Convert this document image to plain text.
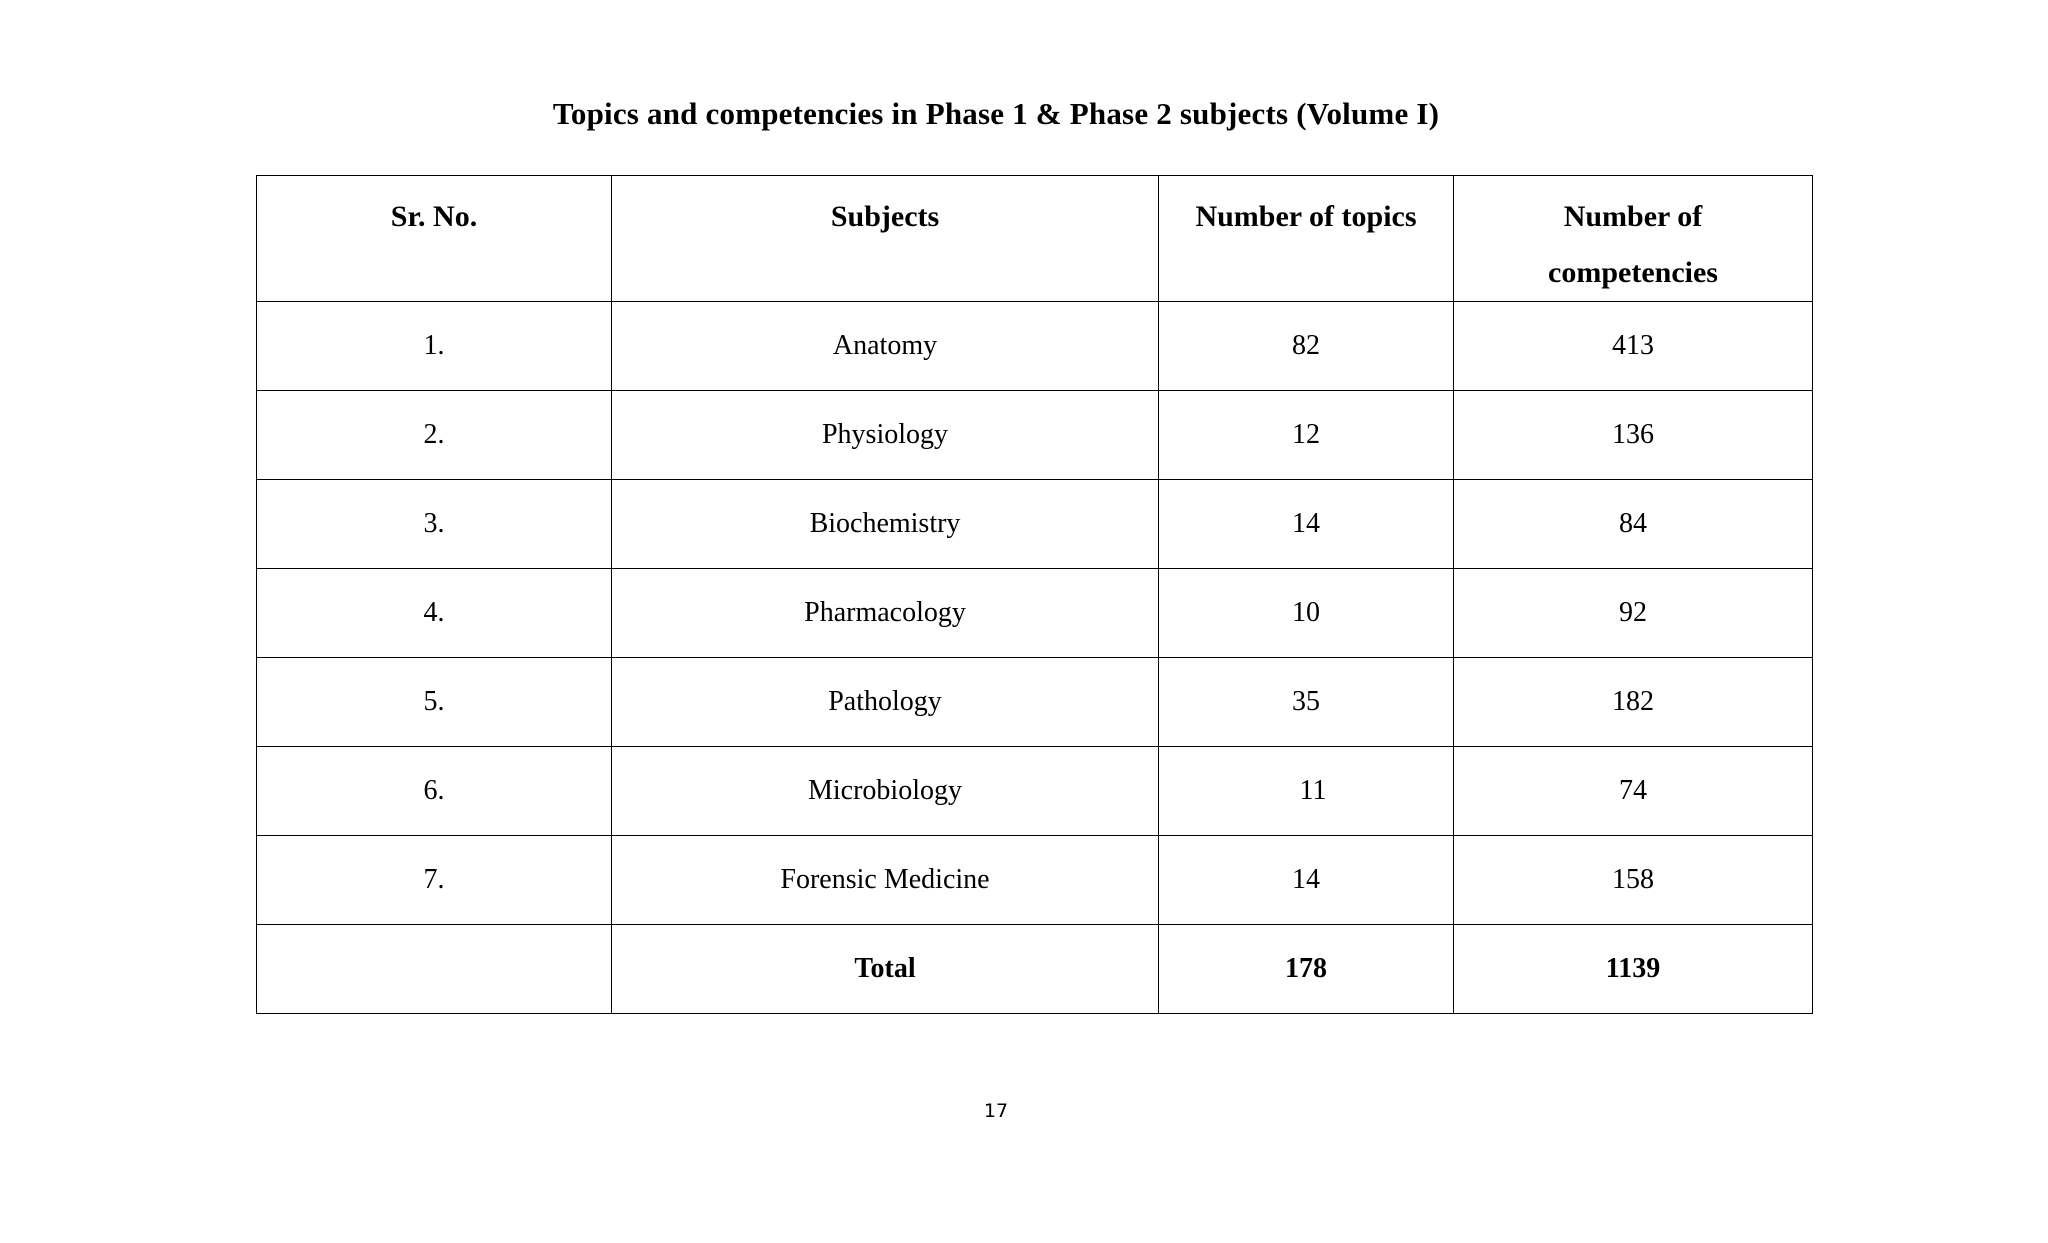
Topics and competencies in Phase 1 & Phase 2 subjects (Volume I)
Sr. No.	Subjects	Number of topics	Number of competencies
1.	Anatomy	82	413
2.	Physiology	12	136
3.	Biochemistry	14	84
4.	Pharmacology	10	92
5.	Pathology	35	182
6.	Microbiology	11	74
7.	Forensic Medicine	14	158
	Total	178	1139
17
